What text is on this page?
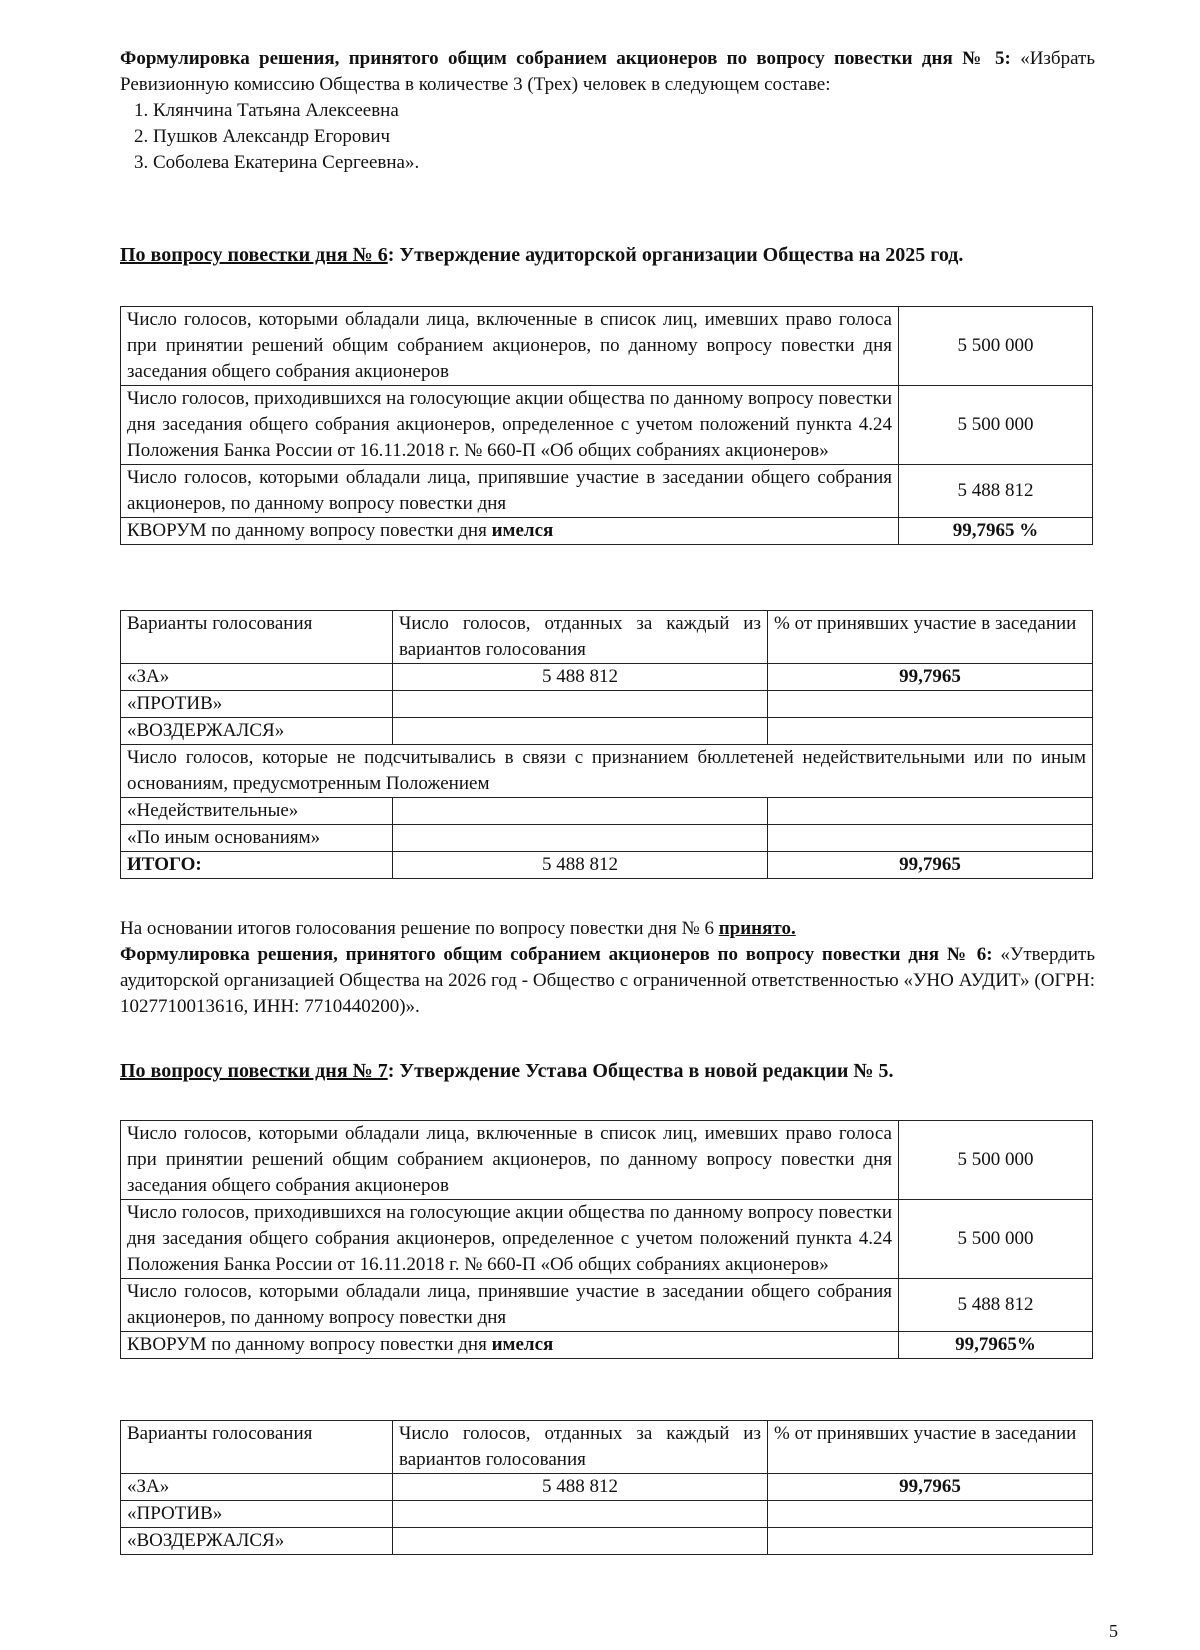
Формулировка решения, принятого общим собранием акционеров по вопросу повестки дня № 5: «Избрать Ревизионную комиссию Общества в количестве 3 (Трех) человек в следующем составе:
1. Клянчина Татьяна Алексеевна
2. Пушков Александр Егорович
3. Соболева Екатерина Сергеевна».
По вопросу повестки дня № 6: Утверждение аудиторской организации Общества на 2025 год.
Число голосов, которыми обладали лица, включенные в список лиц, имевших право голоса при принятии решений общим собранием акционеров, по данному вопросу повестки дня заседания общего собрания акционеров	5 500 000
Число голосов, приходившихся на голосующие акции общества по данному вопросу повестки дня заседания общего собрания акционеров, определенное с учетом положений пункта 4.24 Положения Банка России от 16.11.2018 г. № 660-П «Об общих собраниях акционеров»	5 500 000
Число голосов, которыми обладали лица, припявшие участие в заседании общего собрания акционеров, по данному вопросу повестки дня	5 488 812
КВОРУМ по данному вопросу повестки дня имелся	99,7965 %
Варианты голосования	Число голосов, отданных за каждый из вариантов голосования	% от принявших участие в заседании
«ЗА»	5 488 812	99,7965
«ПРОТИВ»		
«ВОЗДЕРЖАЛСЯ»		
Число голосов, которые не подсчитывались в связи с признанием бюллетеней недействительными или по иным основаниям, предусмотренным Положением		
«Недействительные»		
«По иным основаниям»		
ИТОГО:	5 488 812	99,7965
На основании итогов голосования решение по вопросу повестки дня № 6 принято.
Формулировка решения, принятого общим собранием акционеров по вопросу повестки дня № 6: «Утвердить аудиторской организацией Общества на 2026 год - Общество с ограниченной ответственностью «УНО АУДИТ» (ОГРН: 1027710013616, ИНН: 7710440200)».
По вопросу повестки дня № 7: Утверждение Устава Общества в новой редакции № 5.
Число голосов, которыми обладали лица, включенные в список лиц, имевших право голоса при принятии решений общим собранием акционеров, по данному вопросу повестки дня заседания общего собрания акционеров	5 500 000
Число голосов, приходившихся на голосующие акции общества по данному вопросу повестки дня заседания общего собрания акционеров, определенное с учетом положений пункта 4.24 Положения Банка России от 16.11.2018 г. № 660-П «Об общих собраниях акционеров»	5 500 000
Число голосов, которыми обладали лица, принявшие участие в заседании общего собрания акционеров, по данному вопросу повестки дня	5 488 812
КВОРУМ по данному вопросу повестки дня имелся	99,7965%
Варианты голосования	Число голосов, отданных за каждый из вариантов голосования	% от принявших участие в заседании
«ЗА»	5 488 812	99,7965
«ПРОТИВ»		
«ВОЗДЕРЖАЛСЯ»		
5
